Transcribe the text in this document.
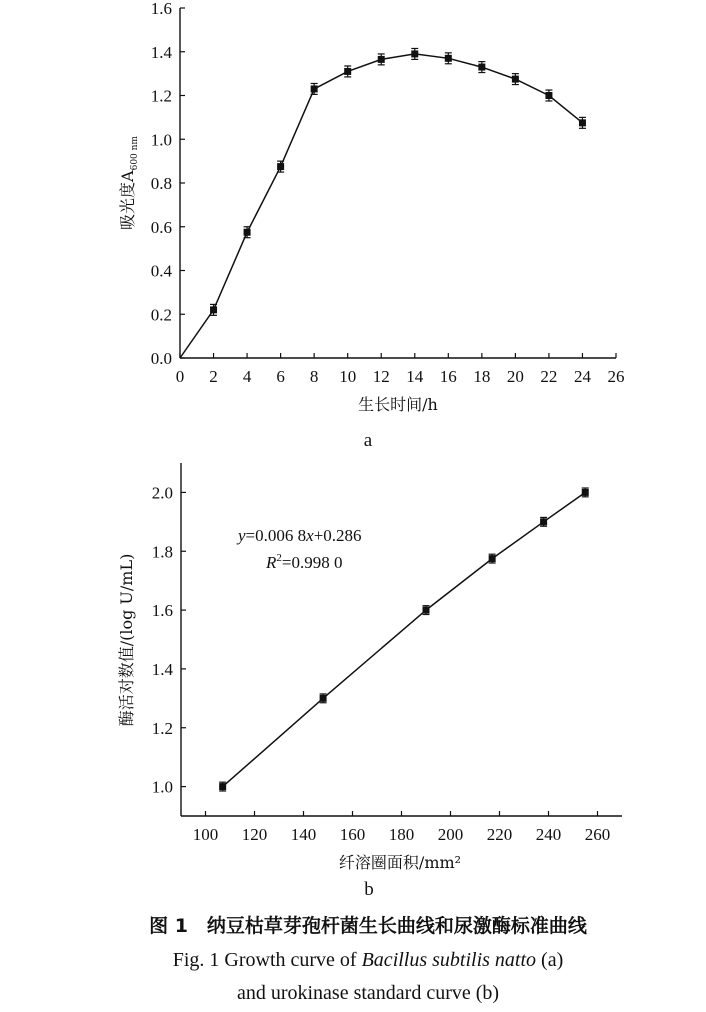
0 2 4 6 8 10 12 14 16 18 20 22 24 26
0.0
0.2
0.4
0.6
0.8
1.0
1.2
1.4
1.6
生长时间/h
吸光度$A_{600 nm}$
a
100 120 140 160 180 200 220 240 260
1.0
1.2
1.4
1.6
1.8
2.0
y=0.006 8x+0.286
$R^2=0.998$ 0
纤溶圈面积/mm²
酶活对数值/(log U/mL)
b
图 1　纳豆枯草芽孢杆菌生长曲线和尿激酶标准曲线
Fig. 1 Growth curve of Bacillus subtilis natto (a)
and urokinase standard curve (b)
